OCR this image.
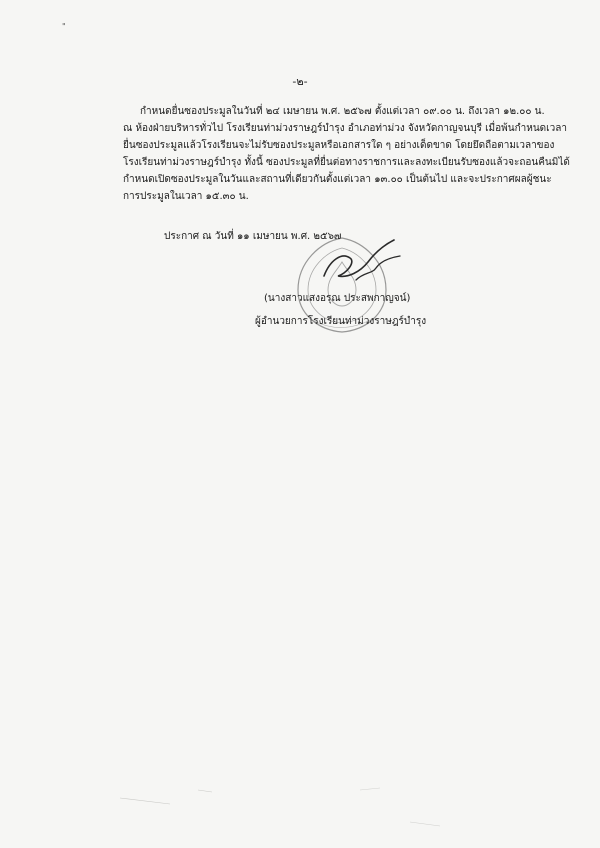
"
-๒-
กำหนดยื่นซองประมูลในวันที่ ๒๔ เมษายน พ.ศ. ๒๕๖๗ ตั้งแต่เวลา ๐๙.๐๐ น. ถึงเวลา ๑๒.๐๐ น.
ณ ห้องฝ่ายบริหารทั่วไป โรงเรียนท่าม่วงราษฎร์บำรุง อำเภอท่าม่วง จังหวัดกาญจนบุรี เมื่อพ้นกำหนดเวลา
ยื่นซองประมูลแล้วโรงเรียนจะไม่รับซองประมูลหรือเอกสารใด ๆ อย่างเด็ดขาด โดยยึดถือตามเวลาของ
โรงเรียนท่าม่วงราษฎร์บำรุง ทั้งนี้ ซองประมูลที่ยื่นต่อทางราชการและลงทะเบียนรับซองแล้วจะถอนคืนมิได้
กำหนดเปิดซองประมูลในวันและสถานที่เดียวกันตั้งแต่เวลา ๑๓.๐๐ เป็นต้นไป และจะประกาศผลผู้ชนะ
การประมูลในเวลา ๑๕.๓๐ น.
ประกาศ ณ วันที่ ๑๑ เมษายน พ.ศ. ๒๕๖๗
(นางสาวแสงอรุณ ประสพกาญจน์)
ผู้อำนวยการโรงเรียนท่าม่วงราษฎร์บำรุง
